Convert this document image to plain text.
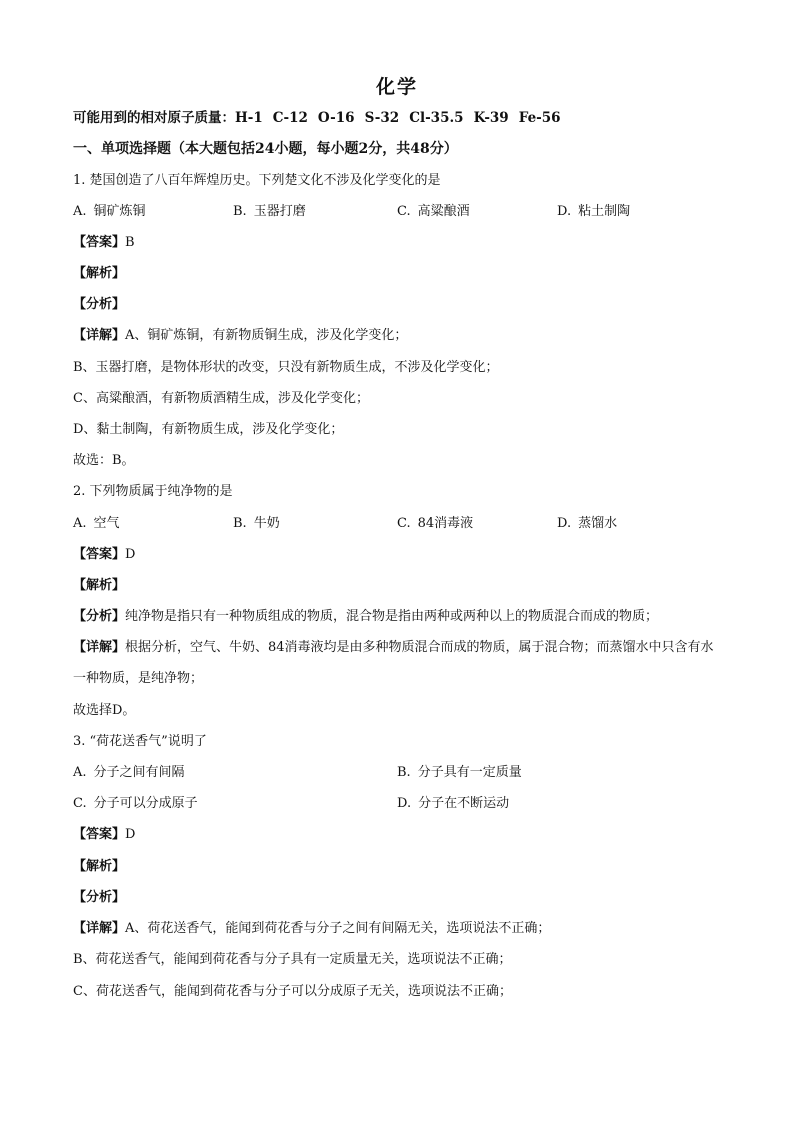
化学
可能用到的相对原子质量：H-1 C-12 O-16 S-32 Cl-35.5 K-39 Fe-56
一、单项选择题（本大题包括24小题，每小题2分，共48分）
1. 楚国创造了八百年辉煌历史。下列楚文化不涉及化学变化的是
A. 铜矿炼铜	B. 玉器打磨	C. 高粱酿酒	D. 粘土制陶
【答案】B
【解析】
【分析】
【详解】A、铜矿炼铜，有新物质铜生成，涉及化学变化；
B、玉器打磨，是物体形状的改变，只没有新物质生成，不涉及化学变化；
C、高粱酿酒，有新物质酒精生成，涉及化学变化；
D、黏土制陶，有新物质生成，涉及化学变化；
故选：B。
2. 下列物质属于纯净物的是
A. 空气	B. 牛奶	C. 84消毒液	D. 蒸馏水
【答案】D
【解析】
【分析】纯净物是指只有一种物质组成的物质，混合物是指由两种或两种以上的物质混合而成的物质；
【详解】根据分析，空气、牛奶、84消毒液均是由多种物质混合而成的物质，属于混合物；而蒸馏水中只含有水一种物质，是纯净物；
故选择D。
3. “荷花送香气”说明了
A. 分子之间有间隔	B. 分子具有一定质量
C. 分子可以分成原子	D. 分子在不断运动
【答案】D
【解析】
【分析】
【详解】A、荷花送香气，能闻到荷花香与分子之间有间隔无关，选项说法不正确；
B、荷花送香气，能闻到荷花香与分子具有一定质量无关，选项说法不正确；
C、荷花送香气，能闻到荷花香与分子可以分成原子无关，选项说法不正确；
